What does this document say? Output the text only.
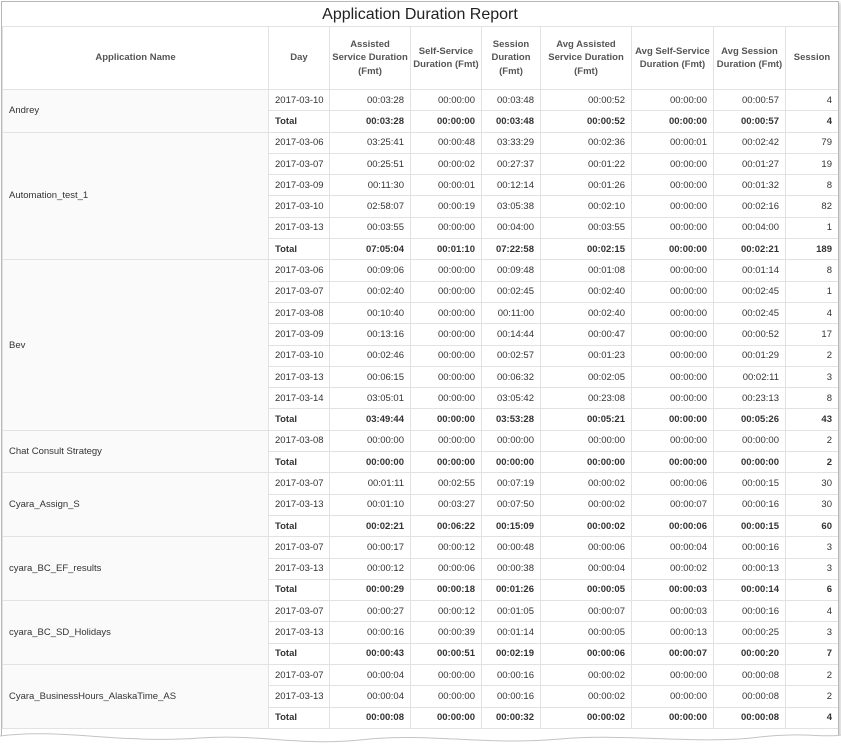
Application Duration Report
Application Name	Day	Assisted Service Duration (Fmt)	Self-Service Duration (Fmt)	Session Duration (Fmt)	Avg Assisted Service Duration (Fmt)	Avg Self-Service Duration (Fmt)	Avg Session Duration (Fmt)	Session
Andrey	2017-03-10	00:03:28	00:00:00	00:03:48	00:00:52	00:00:00	00:00:57	4
	Total	00:03:28	00:00:00	00:03:48	00:00:52	00:00:00	00:00:57	4
Automation_test_1	2017-03-06	03:25:41	00:00:48	03:33:29	00:02:36	00:00:01	00:02:42	79
	2017-03-07	00:25:51	00:00:02	00:27:37	00:01:22	00:00:00	00:01:27	19
	2017-03-09	00:11:30	00:00:01	00:12:14	00:01:26	00:00:00	00:01:32	8
	2017-03-10	02:58:07	00:00:19	03:05:38	00:02:10	00:00:00	00:02:16	82
	2017-03-13	00:03:55	00:00:00	00:04:00	00:03:55	00:00:00	00:04:00	1
	Total	07:05:04	00:01:10	07:22:58	00:02:15	00:00:00	00:02:21	189
Bev	2017-03-06	00:09:06	00:00:00	00:09:48	00:01:08	00:00:00	00:01:14	8
	2017-03-07	00:02:40	00:00:00	00:02:45	00:02:40	00:00:00	00:02:45	1
	2017-03-08	00:10:40	00:00:00	00:11:00	00:02:40	00:00:00	00:02:45	4
	2017-03-09	00:13:16	00:00:00	00:14:44	00:00:47	00:00:00	00:00:52	17
	2017-03-10	00:02:46	00:00:00	00:02:57	00:01:23	00:00:00	00:01:29	2
	2017-03-13	00:06:15	00:00:00	00:06:32	00:02:05	00:00:00	00:02:11	3
	2017-03-14	03:05:01	00:00:00	03:05:42	00:23:08	00:00:00	00:23:13	8
	Total	03:49:44	00:00:00	03:53:28	00:05:21	00:00:00	00:05:26	43
Chat Consult Strategy	2017-03-08	00:00:00	00:00:00	00:00:00	00:00:00	00:00:00	00:00:00	2
	Total	00:00:00	00:00:00	00:00:00	00:00:00	00:00:00	00:00:00	2
Cyara_Assign_S	2017-03-07	00:01:11	00:02:55	00:07:19	00:00:02	00:00:06	00:00:15	30
	2017-03-13	00:01:10	00:03:27	00:07:50	00:00:02	00:00:07	00:00:16	30
	Total	00:02:21	00:06:22	00:15:09	00:00:02	00:00:06	00:00:15	60
cyara_BC_EF_results	2017-03-07	00:00:17	00:00:12	00:00:48	00:00:06	00:00:04	00:00:16	3
	2017-03-13	00:00:12	00:00:06	00:00:38	00:00:04	00:00:02	00:00:13	3
	Total	00:00:29	00:00:18	00:01:26	00:00:05	00:00:03	00:00:14	6
cyara_BC_SD_Holidays	2017-03-07	00:00:27	00:00:12	00:01:05	00:00:07	00:00:03	00:00:16	4
	2017-03-13	00:00:16	00:00:39	00:01:14	00:00:05	00:00:13	00:00:25	3
	Total	00:00:43	00:00:51	00:02:19	00:00:06	00:00:07	00:00:20	7
Cyara_BusinessHours_AlaskaTime_AS	2017-03-07	00:00:04	00:00:00	00:00:16	00:00:02	00:00:00	00:00:08	2
	2017-03-13	00:00:04	00:00:00	00:00:16	00:00:02	00:00:00	00:00:08	2
	Total	00:00:08	00:00:00	00:00:32	00:00:02	00:00:00	00:00:08	4
